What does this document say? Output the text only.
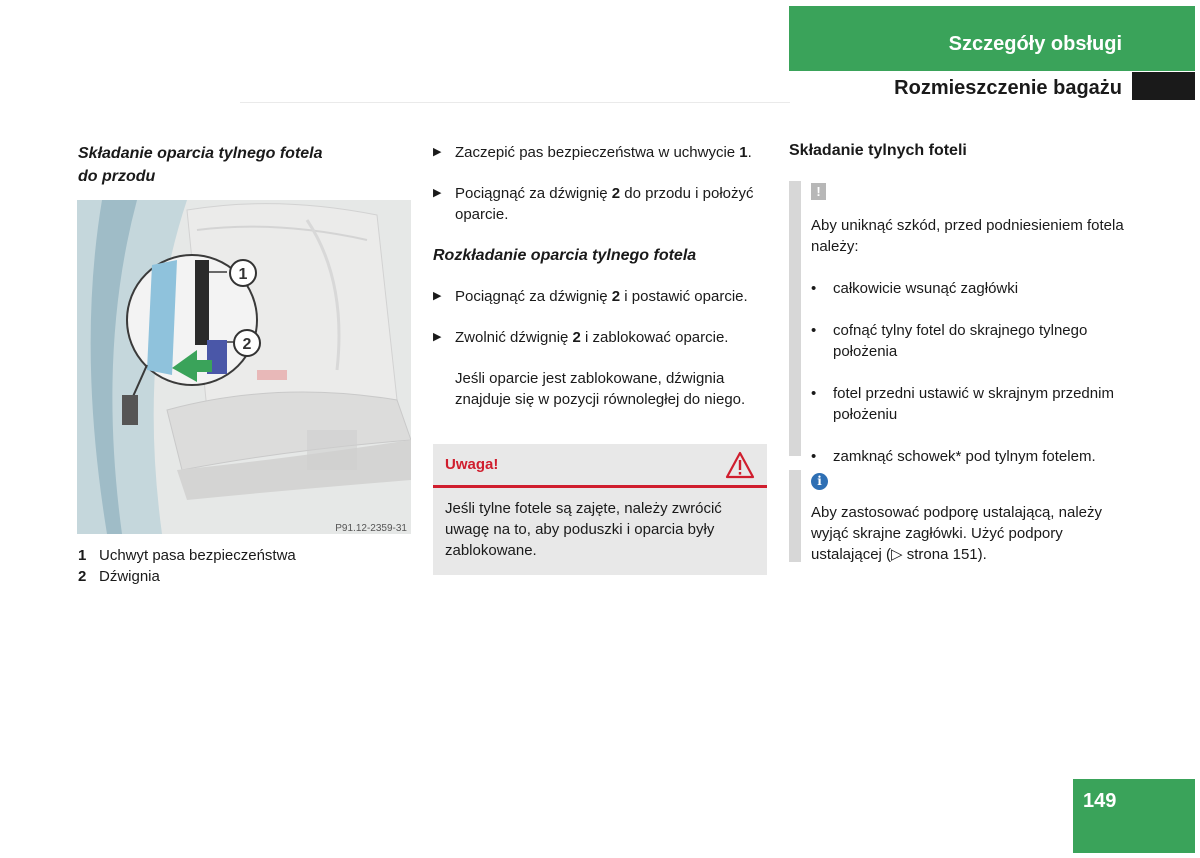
Szczegóły obsługi
Rozmieszczenie bagażu
Składanie oparcia tylnego fotela
do przodu
1
2
P91.12-2359-31
1 Uchwyt pasa bezpieczeństwa
2 Dźwignia
▶ Zaczepić pas bezpieczeństwa w uchwycie 1.
▶ Pociągnąć za dźwignię 2 do przodu i położyć oparcie.
Rozkładanie oparcia tylnego fotela
▶ Pociągnąć za dźwignię 2 i postawić oparcie.
▶ Zwolnić dźwignię 2 i zablokować oparcie.
Jeśli oparcie jest zablokowane, dźwignia znajduje się w pozycji równoległej do niego.
Uwaga!
Jeśli tylne fotele są zajęte, należy zwrócić uwagę na to, aby poduszki i oparcia były zablokowane.
Składanie tylnych foteli
!
Aby uniknąć szkód, przed podniesieniem fotela należy:
•	całkowicie wsunąć zagłówki
•	cofnąć tylny fotel do skrajnego tylnego położenia
•	fotel przedni ustawić w skrajnym przednim położeniu
•	zamknąć schowek* pod tylnym fotelem.
i
Aby zastosować podporę ustalającą, należy wyjąć skrajne zagłówki. Użyć podpory ustalającej (▷ strona 151).
149
